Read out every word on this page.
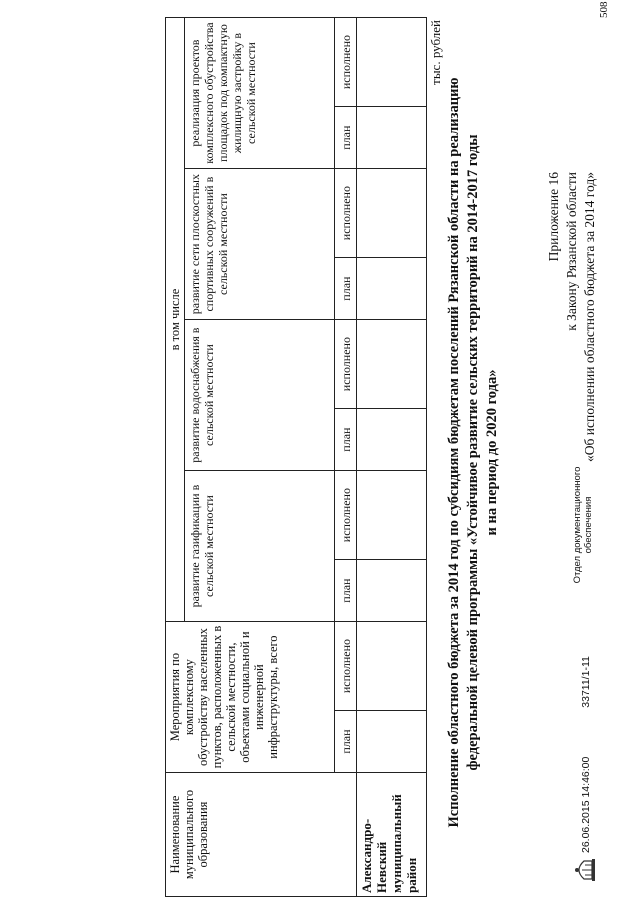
508
Приложение 16 к Закону Рязанской области «Об исполнении областного бюджета за 2014 год»
Исполнение областного бюджета за 2014 год по субсидиям бюджетам поселений Рязанской области на реализацию федеральной целевой программы «Устойчивое развитие сельских территорий на 2014-2017 годы и на период до 2020 года»
тыс. рублей
Наименование муниципального образования	Мероприятия по комплексному обустройству населенных пунктов, расположенных в сельской местности, объектами социальной и инженерной инфраструктуры, всего		в том числе							
			развитие газификации в сельской местности		развитие водоснабжения в сельской местности		развитие сети плоскостных спортивных сооружений в сельской местности		реализация проектов комплексного обустройства площадок под компактную жилищную застройку в сельской местности	
	план	исполнено	план	исполнено	план	исполнено	план	исполнено	план	исполнено
Александро-Невский муниципальный район										
26.06.2015 14:46:00 33711/1-11
Отдел документационного обеспечения
